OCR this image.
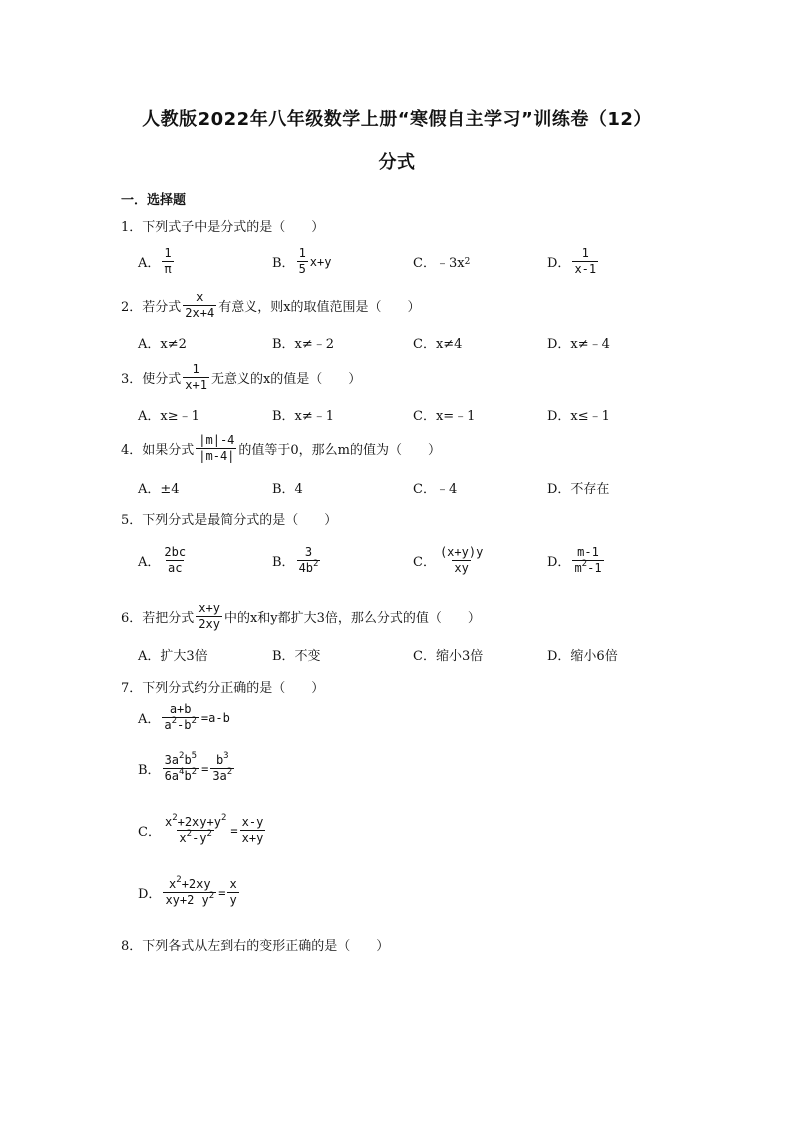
人教版2022年八年级数学上册“寒假自主学习”训练卷（12）
分式
一．选择题
1．下列式子中是分式的是（　　）
A． $\frac{1}{\pi}$	B． $\frac{1}{5} x+y$	C． ﹣3x 2	D． $\frac{1}{x-1}$
2．若分式 $\frac{x}{2x+4}$ 有意义，则x的取值范围是（　　）
A．x≠2	B．x≠﹣2	C．x≠4	D．x≠﹣4
3．使分式 $\frac{1}{x+1}$ 无意义的x的值是（　　）
A．x≥﹣1	B．x≠﹣1	C．x=﹣1	D．x≤﹣1
4．如果分式 $\frac{|m|-4}{|m-4|}$ 的值等于0，那么m的值为（　　）
A．±4	B．4	C．﹣4	D．不存在
5．下列分式是最简分式的是（　　）
A． $\frac{2bc}{ac}$	B． $\frac{3}{4b^2}$	C． $\frac{(x+y)y}{xy}$	D． $\frac{m-1}{m^2-1}$
6．若把分式 $\frac{x+y}{2xy}$ 中的x和y都扩大3倍，那么分式的值（　　）
A．扩大3倍	B．不变	C．缩小3倍	D．缩小6倍
7．下列分式约分正确的是（　　）
A． $\frac{a+b}{a^2-b^2} =a-b$
B． $\frac{3a^2b^5}{6a^4b^2} = \frac{b^3}{3a^2}$
C． $\frac{x^2+2xy+y^2}{x^2-y^2} = \frac{x-y}{x+y}$
D． $\frac{x^2+2xy}{xy+2 y^2} = \frac{x}{y}$
8．下列各式从左到右的变形正确的是（　　）
